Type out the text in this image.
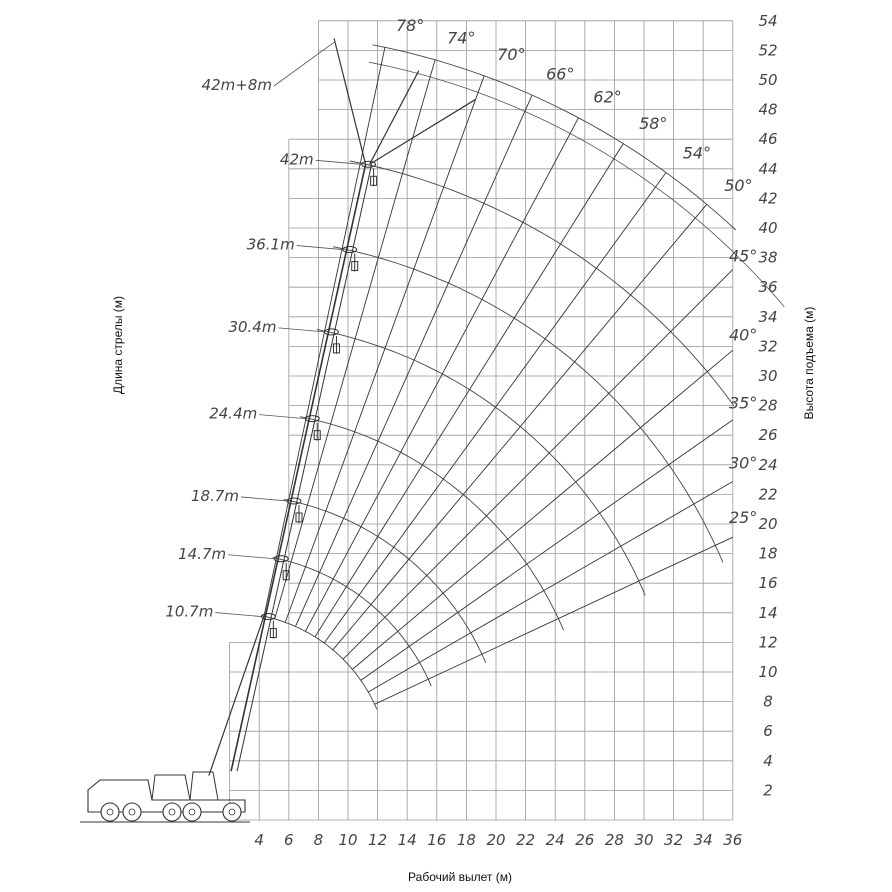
4 6 8 10 12 14 16 18 20 22 24 26 28 30 32 34 36
2
4
6
8
10
12
14
16
18
20
22
24
26
28
30
32
34
36
38
40
42
44
46
48
50
52
54
10.7m
14.7m
18.7m
24.4m
30.4m
36.1m
42m
42m+8m
78°
74°
70°
66°
62°
58°
54°
50°
45°
40°
35°
30°
25°
Рабочий вылет (м)
Длина стрелы (м)	Высота подъема (м)
